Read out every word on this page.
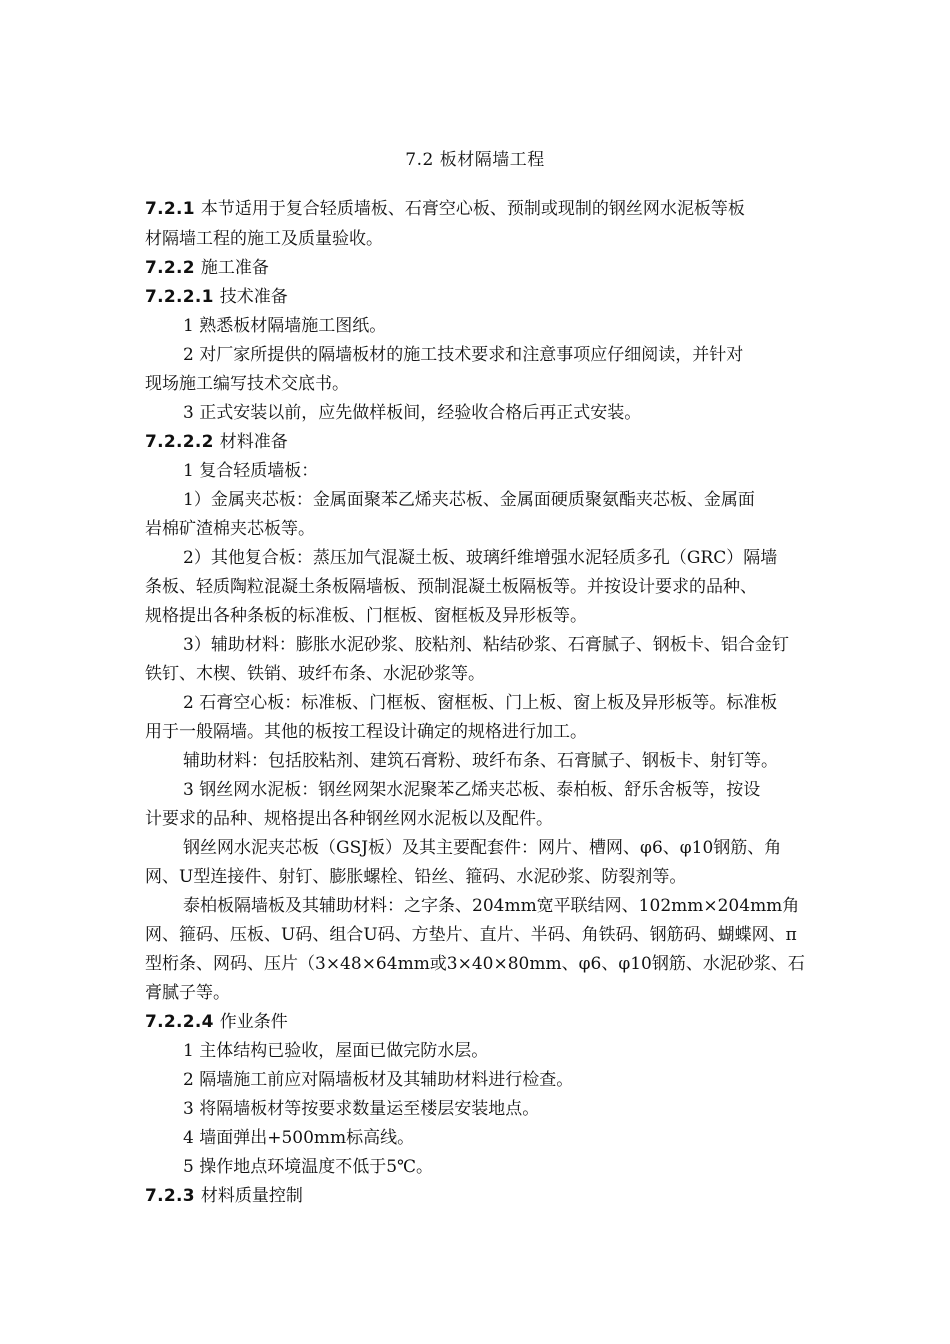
7.2 板材隔墙工程
7.2.1 本节适用于复合轻质墙板、石膏空心板、预制或现制的钢丝网水泥板等板
材隔墙工程的施工及质量验收。
7.2.2 施工准备
7.2.2.1 技术准备
1 熟悉板材隔墙施工图纸。
2 对厂家所提供的隔墙板材的施工技术要求和注意事项应仔细阅读，并针对
现场施工编写技术交底书。
3 正式安装以前，应先做样板间，经验收合格后再正式安装。
7.2.2.2 材料准备
1 复合轻质墙板：
1）金属夹芯板：金属面聚苯乙烯夹芯板、金属面硬质聚氨酯夹芯板、金属面
岩棉矿渣棉夹芯板等。
2）其他复合板：蒸压加气混凝土板、玻璃纤维增强水泥轻质多孔（GRC）隔墙
条板、轻质陶粒混凝土条板隔墙板、预制混凝土板隔板等。并按设计要求的品种、
规格提出各种条板的标准板、门框板、窗框板及异形板等。
3）辅助材料：膨胀水泥砂浆、胶粘剂、粘结砂浆、石膏腻子、钢板卡、铝合金钉
铁钉、木楔、铁销、玻纤布条、水泥砂浆等。
2 石膏空心板：标准板、门框板、窗框板、门上板、窗上板及异形板等。标准板
用于一般隔墙。其他的板按工程设计确定的规格进行加工。
辅助材料：包括胶粘剂、建筑石膏粉、玻纤布条、石膏腻子、钢板卡、射钉等。
3 钢丝网水泥板：钢丝网架水泥聚苯乙烯夹芯板、泰柏板、舒乐舍板等，按设
计要求的品种、规格提出各种钢丝网水泥板以及配件。
钢丝网水泥夹芯板（GSJ板）及其主要配套件：网片、槽网、φ6、φ10钢筋、角
网、U型连接件、射钉、膨胀螺栓、铅丝、箍码、水泥砂浆、防裂剂等。
泰柏板隔墙板及其辅助材料：之字条、204mm宽平联结网、102mm×204mm角
网、箍码、压板、U码、组合U码、方垫片、直片、半码、角铁码、钢筋码、蝴蝶网、π
型桁条、网码、压片（3×48×64mm或3×40×80mm、φ6、φ10钢筋、水泥砂浆、石
膏腻子等。
7.2.2.4 作业条件
1 主体结构已验收，屋面已做完防水层。
2 隔墙施工前应对隔墙板材及其辅助材料进行检查。
3 将隔墙板材等按要求数量运至楼层安装地点。
4 墙面弹出+500mm标高线。
5 操作地点环境温度不低于5℃。
7.2.3 材料质量控制
